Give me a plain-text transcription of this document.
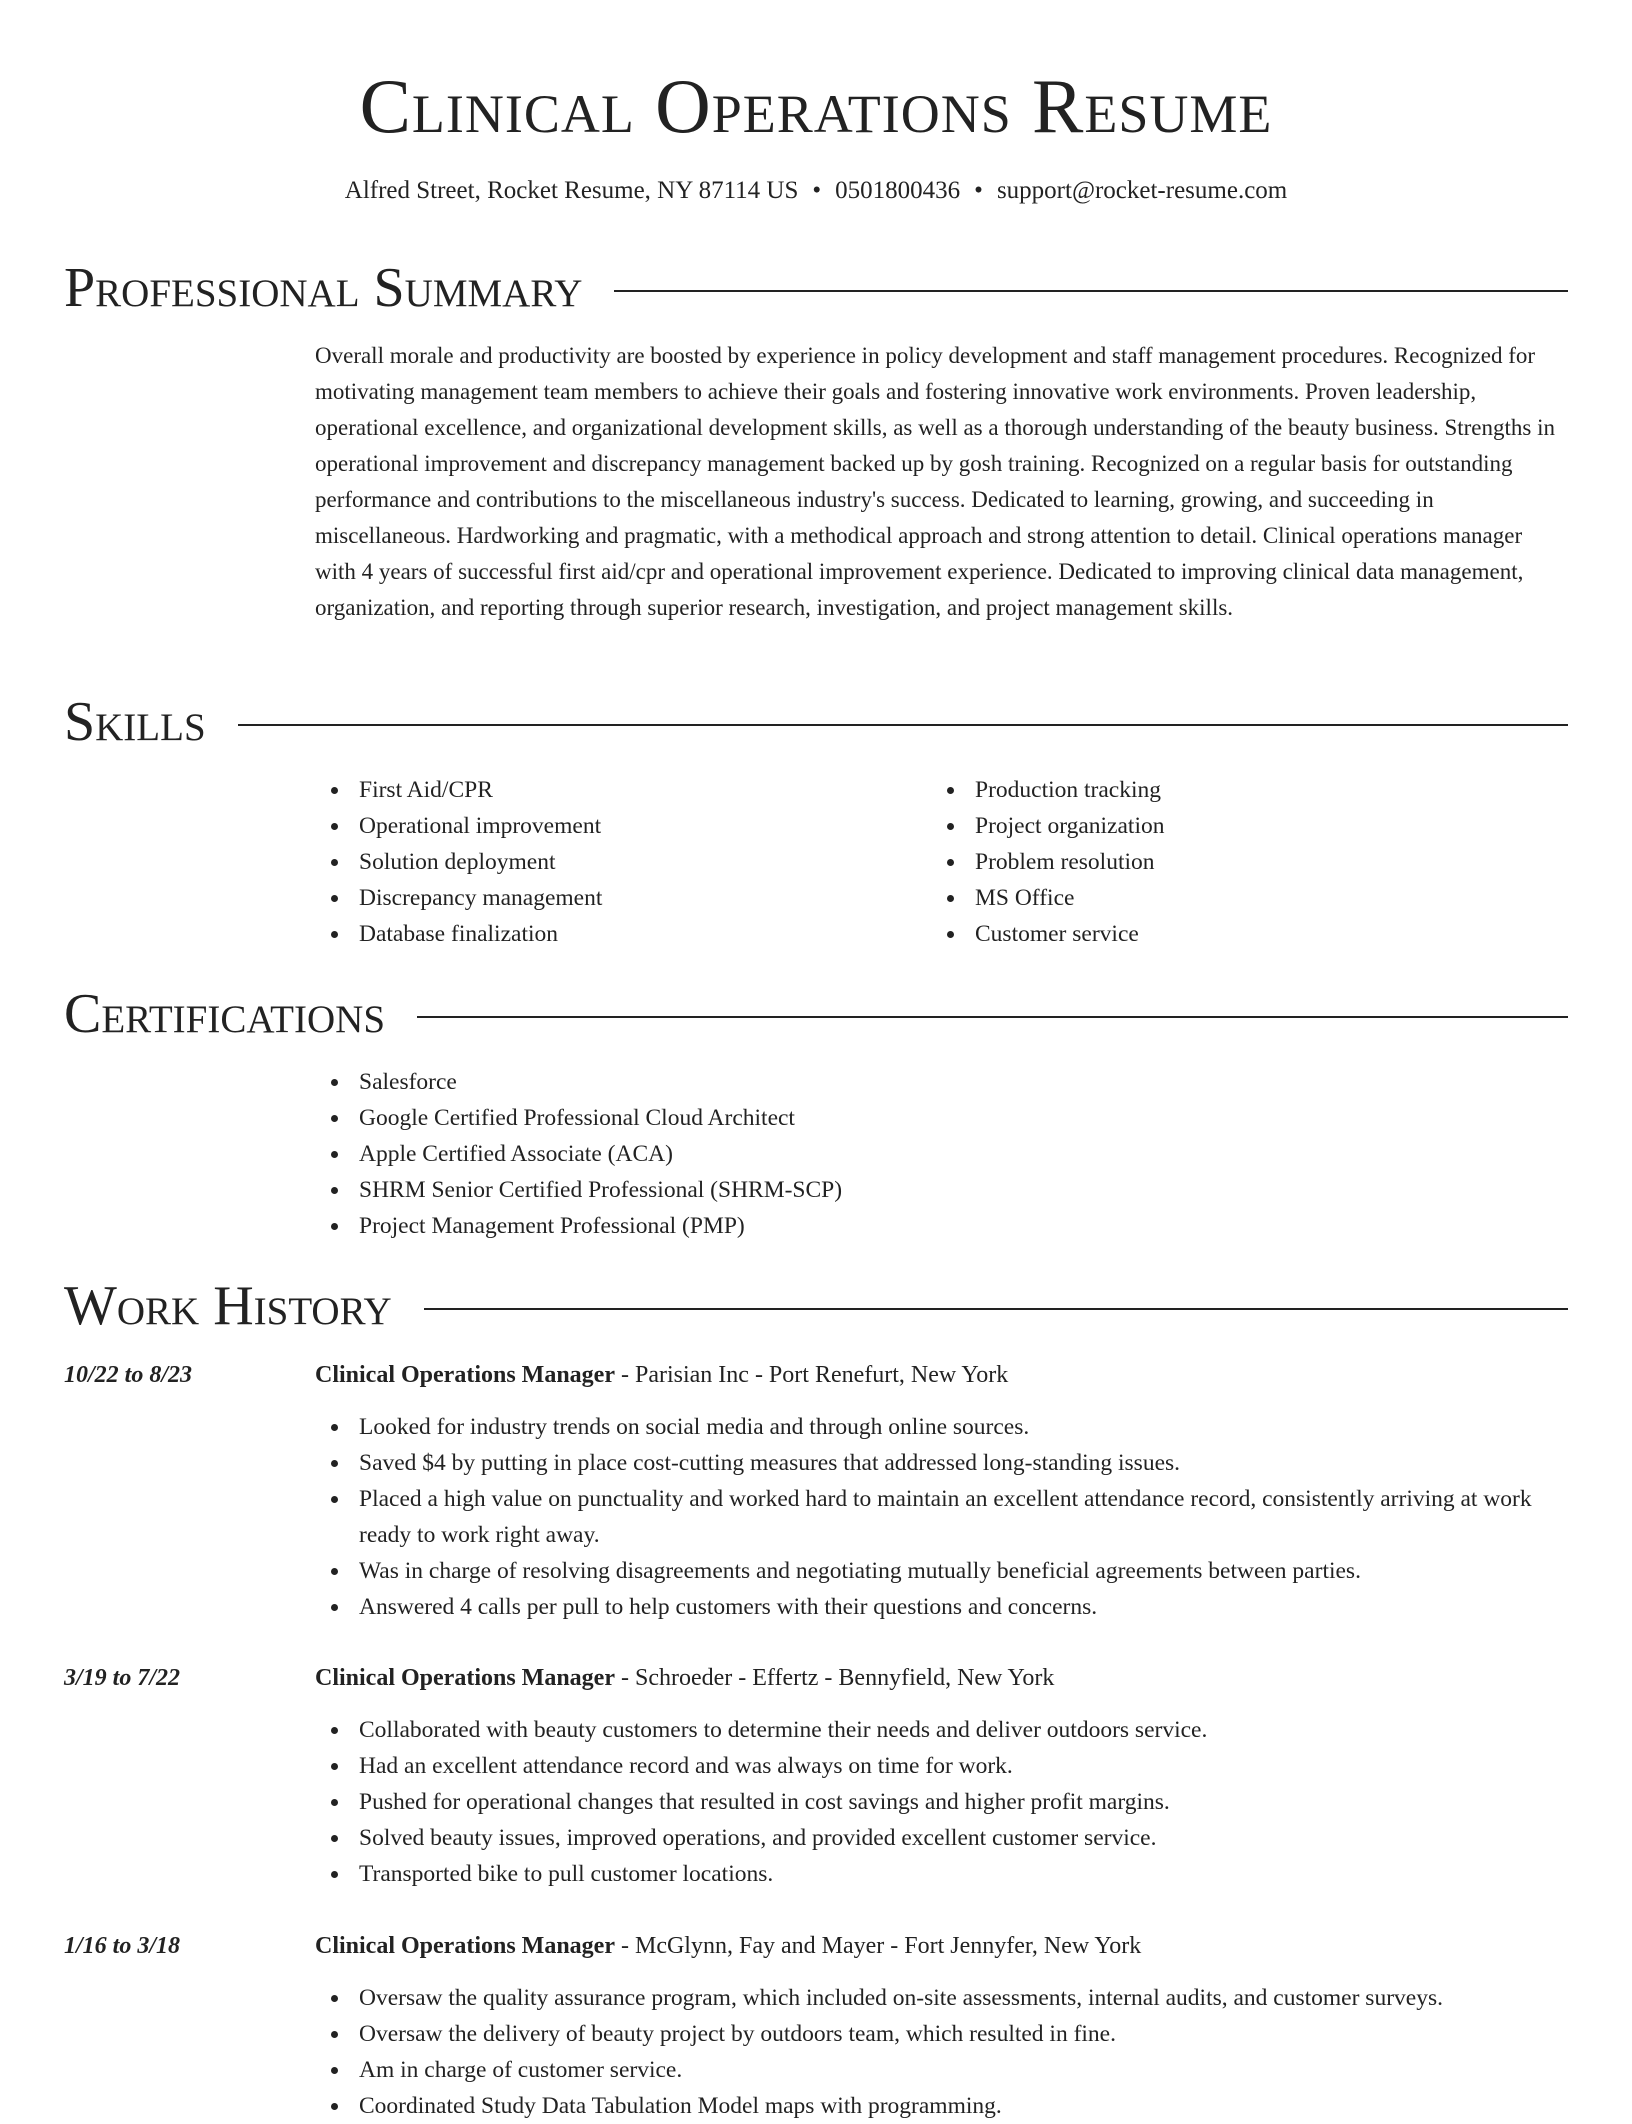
Clinical Operations Resume
Alfred Street, Rocket Resume, NY 87114 US • 0501800436 • support@rocket-resume.com
Professional Summary

Overall morale and productivity are boosted by experience in policy development and staff management procedures. Recognized for motivating management team members to achieve their goals and fostering innovative work environments. Proven leadership, operational excellence, and organizational development skills, as well as a thorough understanding of the beauty business. Strengths in operational improvement and discrepancy management backed up by gosh training. Recognized on a regular basis for outstanding performance and contributions to the miscellaneous industry's success. Dedicated to learning, growing, and succeeding in miscellaneous. Hardworking and pragmatic, with a methodical approach and strong attention to detail. Clinical operations manager with 4 years of successful first aid/cpr and operational improvement experience. Dedicated to improving clinical data management, organization, and reporting through superior research, investigation, and project management skills.

Skills
First Aid/CPR
Operational improvement
Solution deployment
Discrepancy management
Database finalization
Production tracking
Project organization
Problem resolution
MS Office
Customer service
Certifications
Salesforce
Google Certified Professional Cloud Architect
Apple Certified Associate (ACA)
SHRM Senior Certified Professional (SHRM-SCP)
Project Management Professional (PMP)
Work History
10/22 to 8/23	Clinical Operations Manager - Parisian Inc - Port Renefurt, New York
Looked for industry trends on social media and through online sources.
Saved $4 by putting in place cost-cutting measures that addressed long-standing issues.
Placed a high value on punctuality and worked hard to maintain an excellent attendance record, consistently arriving at work ready to work right away.
Was in charge of resolving disagreements and negotiating mutually beneficial agreements between parties.
Answered 4 calls per pull to help customers with their questions and concerns.
3/19 to 7/22	Clinical Operations Manager - Schroeder - Effertz - Bennyfield, New York
Collaborated with beauty customers to determine their needs and deliver outdoors service.
Had an excellent attendance record and was always on time for work.
Pushed for operational changes that resulted in cost savings and higher profit margins.
Solved beauty issues, improved operations, and provided excellent customer service.
Transported bike to pull customer locations.
1/16 to 3/18	Clinical Operations Manager - McGlynn, Fay and Mayer - Fort Jennyfer, New York
Oversaw the quality assurance program, which included on-site assessments, internal audits, and customer surveys.
Oversaw the delivery of beauty project by outdoors team, which resulted in fine.
Am in charge of customer service.
Coordinated Study Data Tabulation Model maps with programming.
